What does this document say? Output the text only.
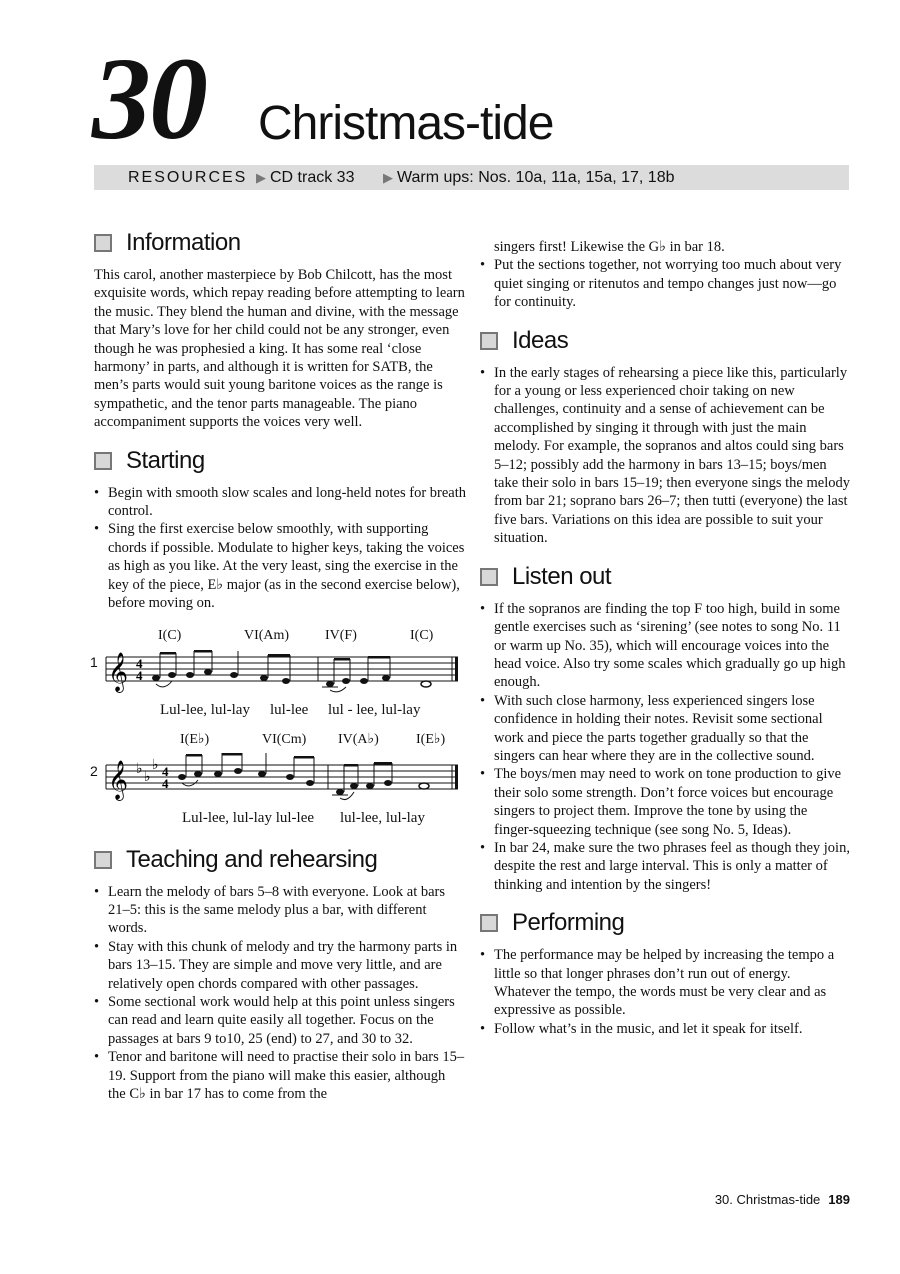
30 Christmas-tide
RESOURCES ▶ CD track 33 ▶ Warm ups: Nos. 10a, 11a, 15a, 17, 18b
Information

This carol, another masterpiece by Bob Chilcott, has the most exquisite words, which repay reading before attempting to learn the music. They blend the human and divine, with the message that Mary’s love for her child could not be any stronger, even though he was prophesied a king. It has some real ‘close harmony’ in parts, and although it is written for SATB, the men’s parts would suit young baritone voices as the range is sympathetic, and the tenor parts manageable. The piano accompaniment supports the voices very well.

Starting
• Begin with smooth slow scales and long-held notes for breath control.
• Sing the first exercise below smoothly, with supporting chords if possible. Modulate to higher keys, taking the voices as high as you like. At the very least, sing the exercise in the key of the piece, E♭ major (as in the second exercise below), before moving on.
I(C)	VI(Am)	IV(F)	I(C)
1 𝄞 4
4
Lul-lee, lul-lay lul-lee lul - lee, lul-lay
I(E♭)	VI(Cm) IV(A♭)	I(E♭)
2 𝄞 ♭ ♭
♭ 4
4
Lul-lee, lul-lay lul-lee lul-lee, lul-lay
Teaching and rehearsing
• Learn the melody of bars 5–8 with everyone. Look at bars 21–5: this is the same melody plus a bar, with different words.
• Stay with this chunk of melody and try the harmony parts in bars 13–15. They are simple and move very little, and are relatively open chords compared with other passages.
• Some sectional work would help at this point unless singers can read and learn quite easily all together. Focus on the passages at bars 9 to10, 25 (end) to 27, and 30 to 32.
• Tenor and baritone will need to practise their solo in bars 15–19. Support from the piano will make this easier, although the C♭ in bar 17 has to come from the

singers first! Likewise the G♭ in bar 18.

• Put the sections together, not worrying too much about very quiet singing or ritenutos and tempo changes just now—go for continuity.
Ideas
• In the early stages of rehearsing a piece like this, particularly for a young or less experienced choir taking on new challenges, continuity and a sense of achievement can be accomplished by singing it through with just the main melody. For example, the sopranos and altos could sing bars 5–12; possibly add the harmony in bars 13–15; boys/men take their solo in bars 15–19; then everyone sings the melody from bar 21; soprano bars 26–7; then tutti (everyone) the last five bars. Variations on this idea are possible to suit your situation.
Listen out
• If the sopranos are finding the top F too high, build in some gentle exercises such as ‘sirening’ (see notes to song No. 11 or warm up No. 35), which will encourage voices into the head voice. Also try some scales which gradually go up high enough.
• With such close harmony, less experienced singers lose confidence in holding their notes. Revisit some sectional work and piece the parts together gradually so that the singers can hear where they are in the collective sound.
• The boys/men may need to work on tone production to give their solo some strength. Don’t force voices but encourage singers to project them. Improve the tone by using the finger-squeezing technique (see song No. 5, Ideas).
• In bar 24, make sure the two phrases feel as though they join, despite the rest and large interval. This is only a matter of thinking and intention by the singers!
Performing
• The performance may be helped by increasing the tempo a little so that longer phrases don’t run out of energy. Whatever the tempo, the words must be very clear and as expressive as possible.
• Follow what’s in the music, and let it speak for itself.
30. Christmas-tide 189
